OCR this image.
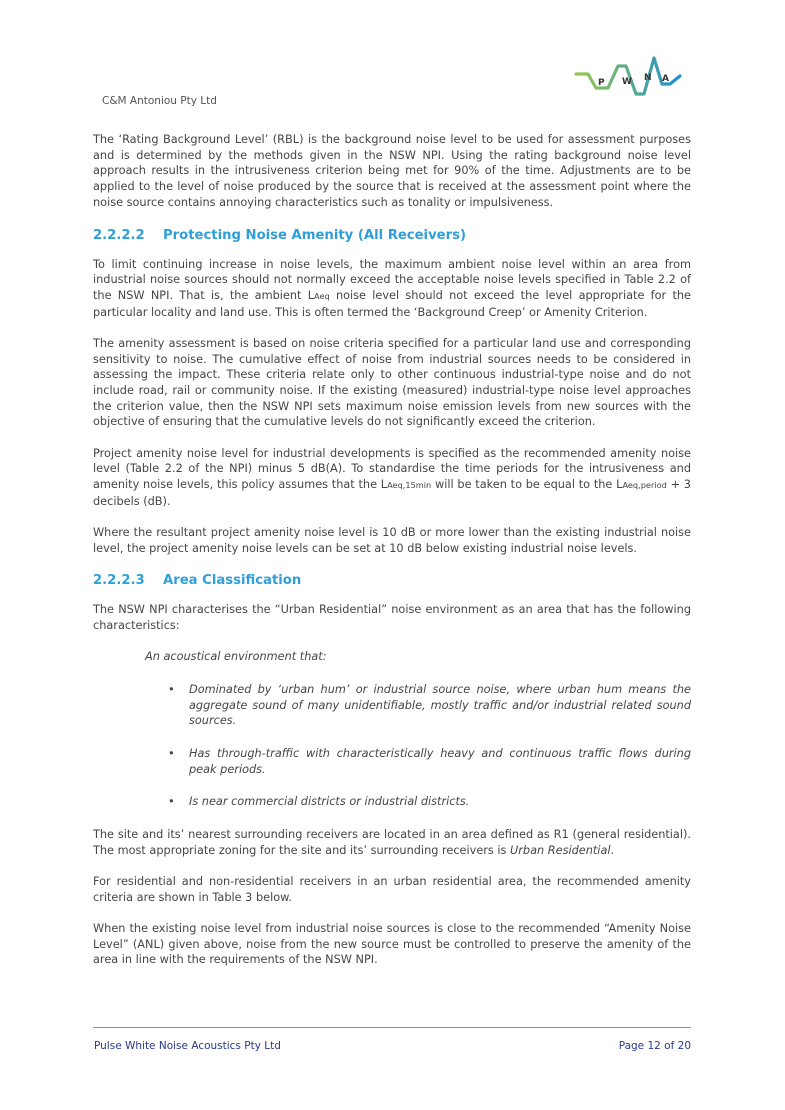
C&M Antoniou Pty Ltd
P W N A

The ‘Rating Background Level’ (RBL) is the background noise level to be used for assessment purposes and is determined by the methods given in the NSW NPI. Using the rating background noise level approach results in the intrusiveness criterion being met for 90% of the time. Adjustments are to be applied to the level of noise produced by the source that is received at the assessment point where the noise source contains annoying characteristics such as tonality or impulsiveness.

2.2.2.2 Protecting Noise Amenity (All Receivers)

To limit continuing increase in noise levels, the maximum ambient noise level within an area from industrial noise sources should not normally exceed the acceptable noise levels specified in Table 2.2 of the NSW NPI. That is, the ambient LAeq noise level should not exceed the level appropriate for the particular locality and land use. This is often termed the ‘Background Creep’ or Amenity Criterion.

The amenity assessment is based on noise criteria specified for a particular land use and corresponding sensitivity to noise. The cumulative effect of noise from industrial sources needs to be considered in assessing the impact. These criteria relate only to other continuous industrial-type noise and do not include road, rail or community noise. If the existing (measured) industrial-type noise level approaches the criterion value, then the NSW NPI sets maximum noise emission levels from new sources with the objective of ensuring that the cumulative levels do not significantly exceed the criterion.

Project amenity noise level for industrial developments is specified as the recommended amenity noise level (Table 2.2 of the NPI) minus 5 dB(A). To standardise the time periods for the intrusiveness and amenity noise levels, this policy assumes that the LAeq,15min will be taken to be equal to the LAeq,period + 3 decibels (dB).

Where the resultant project amenity noise level is 10 dB or more lower than the existing industrial noise level, the project amenity noise levels can be set at 10 dB below existing industrial noise levels.

2.2.2.3 Area Classification

The NSW NPI characterises the “Urban Residential” noise environment as an area that has the following characteristics:

An acoustical environment that:

• Dominated by ‘urban hum’ or industrial source noise, where urban hum means the aggregate sound of many unidentifiable, mostly traffic and/or industrial related sound sources.
• Has through-traffic with characteristically heavy and continuous traffic flows during peak periods.
• Is near commercial districts or industrial districts.

The site and its’ nearest surrounding receivers are located in an area defined as R1 (general residential). The most appropriate zoning for the site and its’ surrounding receivers is Urban Residential.

For residential and non-residential receivers in an urban residential area, the recommended amenity criteria are shown in Table 3 below.

When the existing noise level from industrial noise sources is close to the recommended “Amenity Noise Level” (ANL) given above, noise from the new source must be controlled to preserve the amenity of the area in line with the requirements of the NSW NPI.

Pulse White Noise Acoustics Pty Ltd	Page 12 of 20
